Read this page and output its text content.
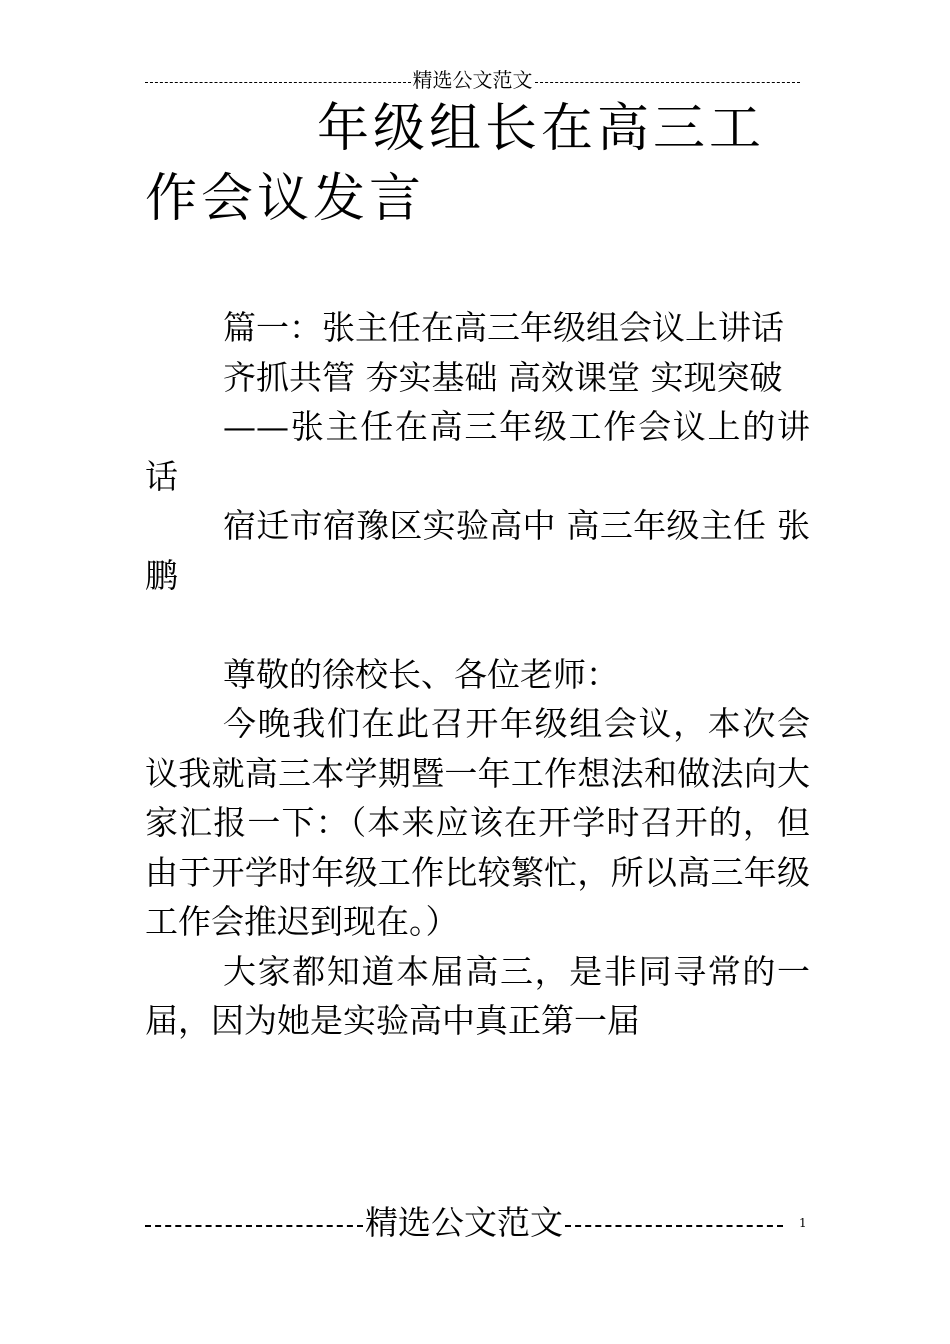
精选公文范文
年级组长在高三工作会议发言

篇一：张主任在高三年级组会议上讲话

齐抓共管 夯实基础 高效课堂 实现突破

——张主任在高三年级工作会议上的讲话

宿迁市宿豫区实验高中 高三年级主任 张鹏

尊敬的徐校长、各位老师：

今晚我们在此召开年级组会议，本次会议我就高三本学期暨一年工作想法和做法向大家汇报一下：（本来应该在开学时召开的，但由于开学时年级工作比较繁忙，所以高三年级工作会推迟到现在。）

大家都知道本届高三，是非同寻常的一届，因为她是实验高中真正第一届

精选公文范文	1
